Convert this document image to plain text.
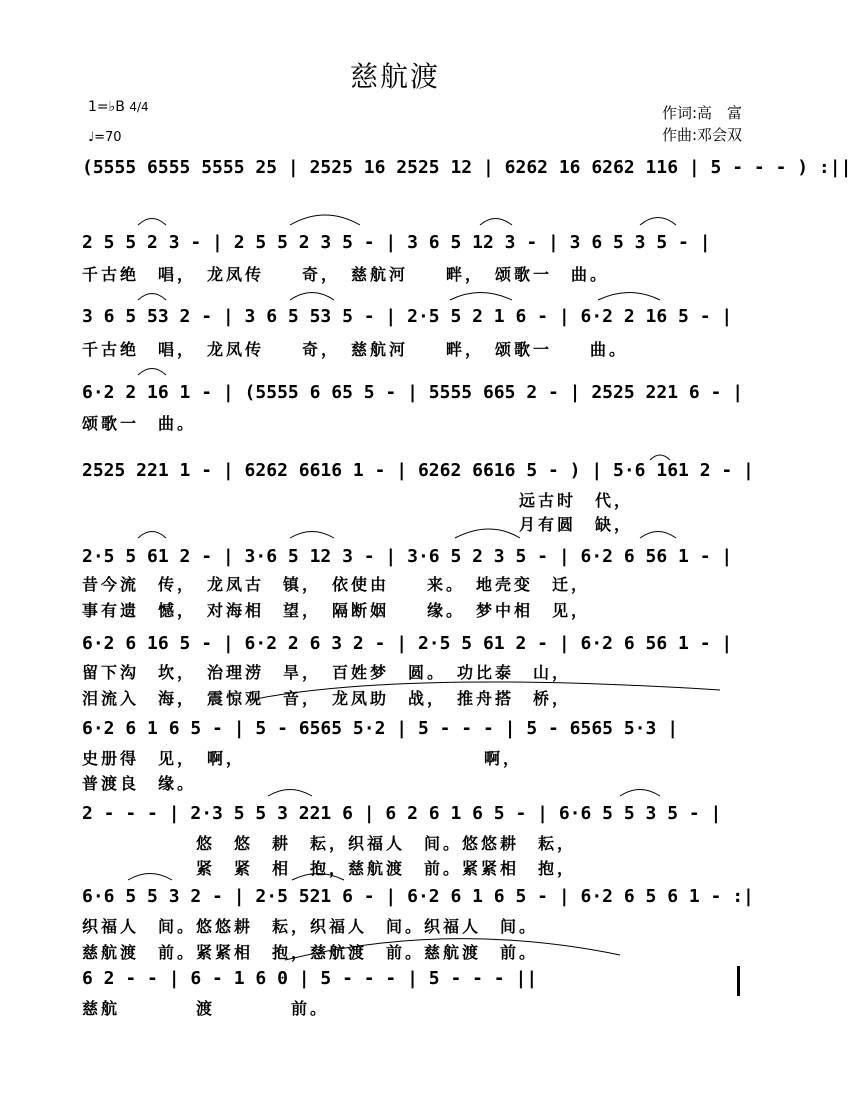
慈航渡
1=♭B 4/4
♩=70
作词:高　富
作曲:邓会双
(5555 6555 5555 25 | 2525 16 2525 12 | 6262 16 6262 116 | 5 - - - ) :||
2 5 5 2 3 - | 2 5 5 2 3 5 - | 3 6 5 12 3 - | 3 6 5 3 5 - |
千古绝　唱，　龙凤传　　奇，　慈航河　　畔，　颂歌一　曲。
3 6 5 53 2 - | 3 6 5 53 5 - | 2·5 5 2 1 6 - | 6·2 2 16 5 - |
千古绝　唱，　龙凤传　　奇，　慈航河　　畔，　颂歌一　　曲。
6·2 2 16 1 - | (5555 6 65 5 - | 5555 665 2 - | 2525 221 6 - |
颂歌一　曲。
2525 221 1 - | 6262 6616 1 - | 6262 6616 5 - ) | 5·6 161 2 - |
　　　　　　　　　　　　　　　　　　　　　　　远古时　代，
　　　　　　　　　　　　　　　　　　　　　　　月有圆　缺，
2·5 5 61 2 - | 3·6 5 12 3 - | 3·6 5 2 3 5 - | 6·2 6 56 1 - |
昔今流　传，　龙凤古　镇，　依使由　　来。　地壳变　迁，
事有遗　憾，　对海相　望，　隔断姻　　缘。　梦中相　见，
6·2 6 16 5 - | 6·2 2 6 3 2 - | 2·5 5 61 2 - | 6·2 6 56 1 - |
留下沟　坎，　治理涝　旱，　百姓梦　圆。　功比泰　山，
泪流入　海，　震惊观　音，　龙凤助　战，　推舟搭　桥，
6·2 6 1 6 5 - | 5 - 6565 5·2 | 5 - - - | 5 - 6565 5·3 |
史册得　见，　啊，　　　　　　　　　　　　　啊，
普渡良　缘。
2 - - - | 2·3 5 5 3 221 6 | 6 2 6 1 6 5 - | 6·6 5 5 3 5 - |
　　　　　　悠　悠　耕　耘，织福人　间。悠悠耕　耘，
　　　　　　紧　紧　相　抱，慈航渡　前。紧紧相　抱，
6·6 5 5 3 2 - | 2·5 521 6 - | 6·2 6 1 6 5 - | 6·2 6 5 6 1 - :|
织福人　间。悠悠耕　耘，织福人　间。织福人　间。
慈航渡　前。紧紧相　抱，慈航渡　前。慈航渡　前。
6 2 - - | 6 - 1 6 0 | 5 - - - | 5 - - - ||
慈航　　　　渡　　　　前。
